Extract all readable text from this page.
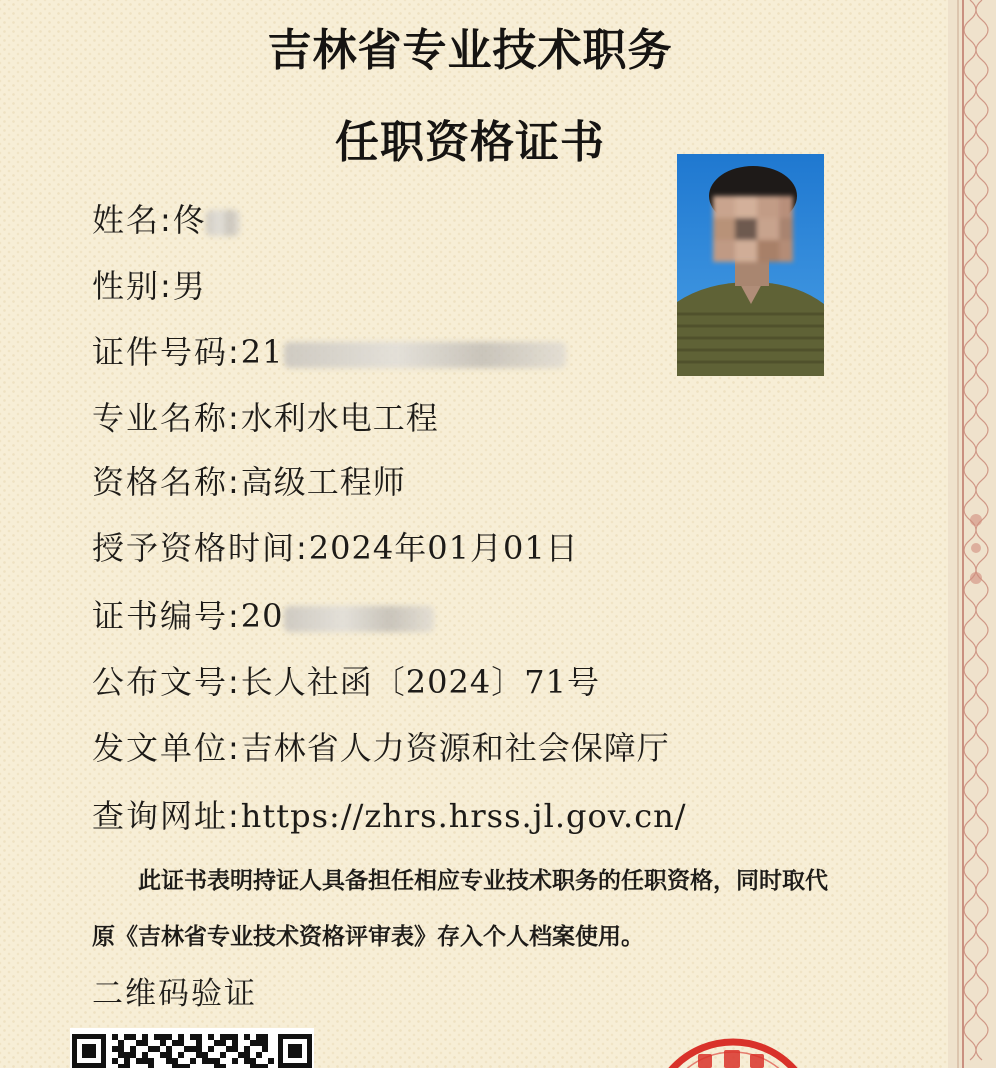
吉林省专业技术职务
任职资格证书
姓名:佟
性别:男
证件号码:21
专业名称:水利水电工程
资格名称:高级工程师
授予资格时间:2024年01月01日
证书编号:20
公布文号:长人社函〔2024〕71号
发文单位:吉林省人力资源和社会保障厅
查询网址:https://zhrs.hrss.jl.gov.cn/
此证书表明持证人具备担任相应专业技术职务的任职资格，同时取代
原《吉林省专业技术资格评审表》存入个人档案使用。
二维码验证
